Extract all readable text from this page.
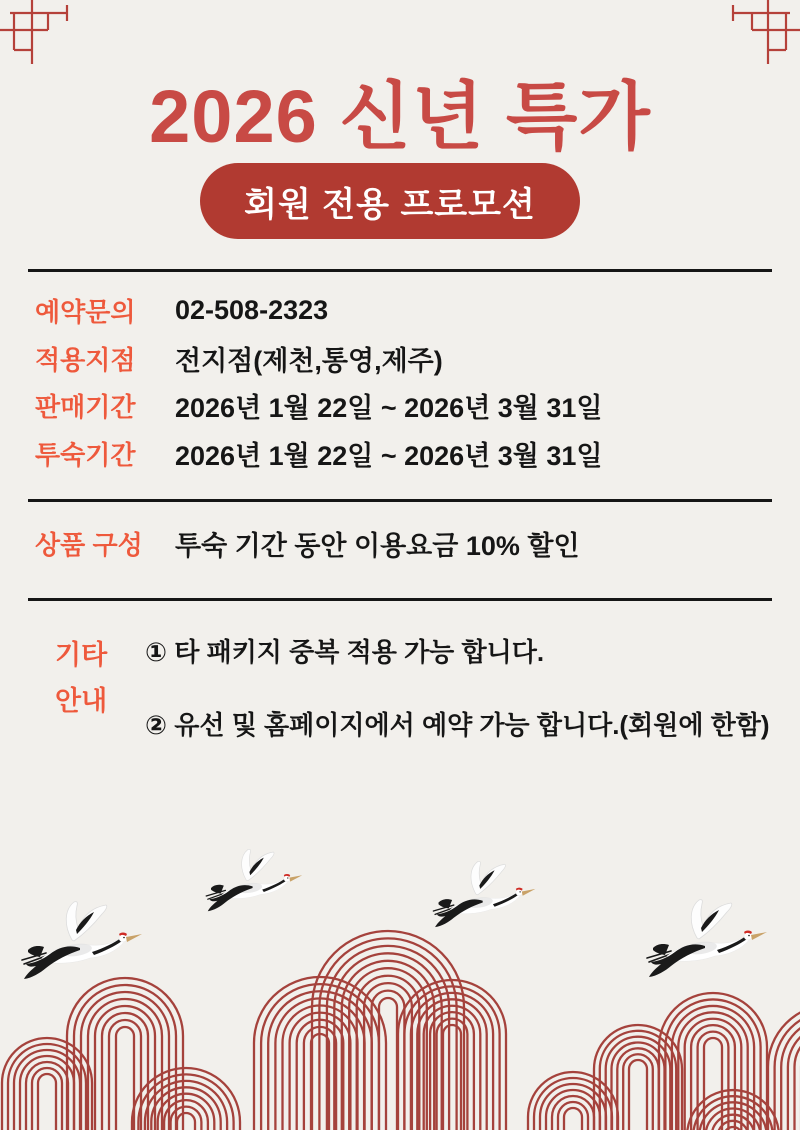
2026 신년 특가
회원 전용 프로모션
예약문의	02-508-2323
적용지점	전지점(제천,통영,제주)
판매기간	2026년 1월 22일 ~ 2026년 3월 31일
투숙기간	2026년 1월 22일 ~ 2026년 3월 31일
상품 구성	투숙 기간 동안 이용요금 10% 할인
기타
안내
① 타 패키지 중복 적용 가능 합니다.
② 유선 및 홈페이지에서 예약 가능 합니다.(회원에 한함)
